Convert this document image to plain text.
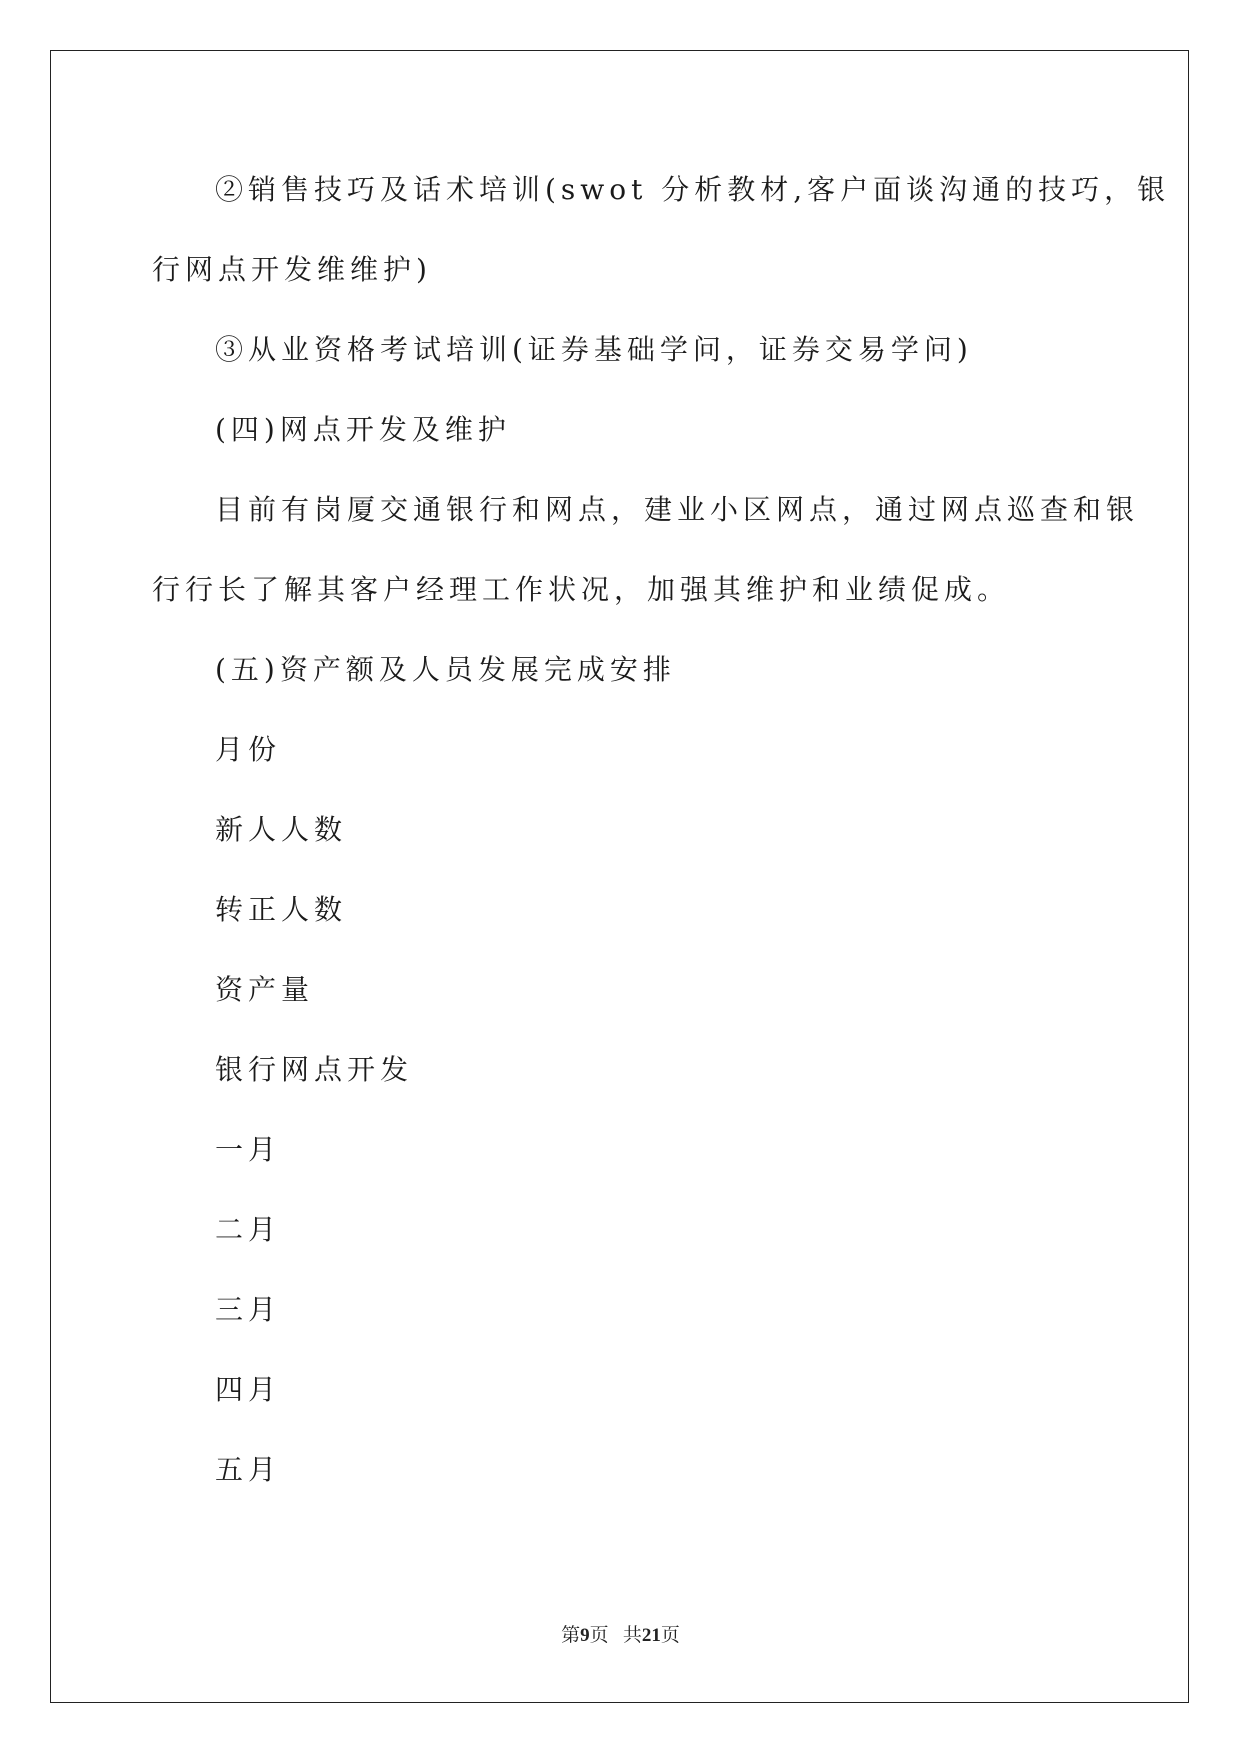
②销售技巧及话术培训(swot 分析教材,客户面谈沟通的技巧，银
行网点开发维维护)
③从业资格考试培训(证券基础学问，证券交易学问)
(四)网点开发及维护
目前有岗厦交通银行和网点，建业小区网点，通过网点巡查和银
行行长了解其客户经理工作状况，加强其维护和业绩促成。
(五)资产额及人员发展完成安排
月份
新人人数
转正人数
资产量
银行网点开发
一月
二月
三月
四月
五月
第9页 共21页
